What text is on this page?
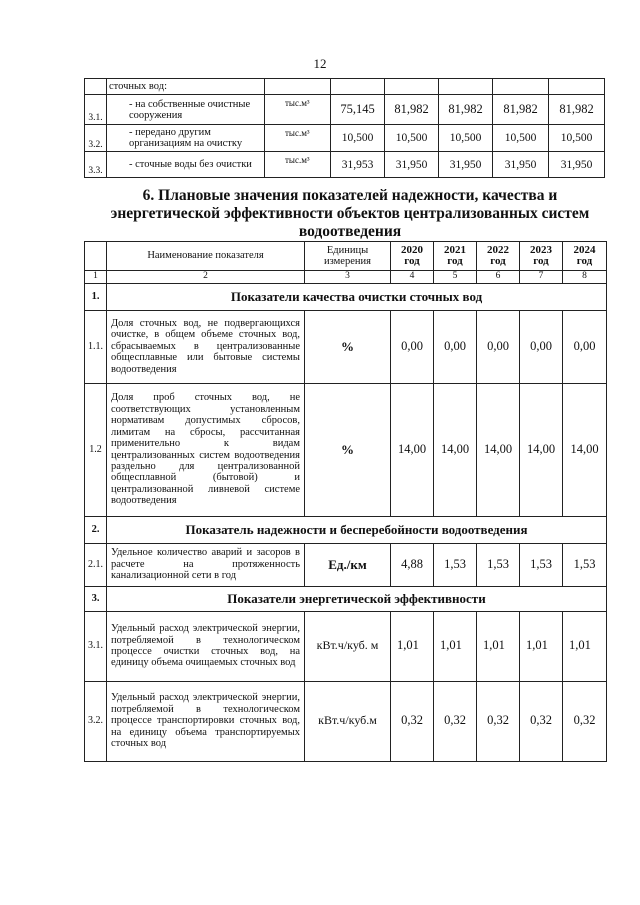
12
	сточных вод:						
3.1.	- на собственные очистные сооружения	тыс.м³	75,145	81,982	81,982	81,982	81,982
3.2.	- передано другим организациям на очистку	тыс.м³	10,500	10,500	10,500	10,500	10,500
3.3.	- сточные воды без очистки	тыс.м³	31,953	31,950	31,950	31,950	31,950
6. Плановые значения показателей надежности, качества и
энергетической эффективности объектов централизованных систем
водоотведения
	Наименование показателя	Единицы измерения	2020 год	2021 год	2022 год	2023 год	2024 год
1	2	3	4	5	6	7	8
1.	Показатели качества очистки сточных вод						
1.1.	Доля сточных вод, не подвергающихся очистке, в общем объеме сточных вод, сбрасываемых в централизованные общесплавные или бытовые системы водоотведения	%	0,00	0,00	0,00	0,00	0,00
1.2	Доля проб сточных вод, не соответствующих установленным нормативам допустимых сбросов, лимитам на сбросы, рассчитанная применительно к видам централизованных систем водоотведения раздельно для централизованной общесплавной (бытовой) и централизованной ливневой системе водоотведения	%	14,00	14,00	14,00	14,00	14,00
2.	Показатель надежности и бесперебойности водоотведения						
2.1.	Удельное количество аварий и засоров в расчете на протяженность канализационной сети в год	Ед./км	4,88	1,53	1,53	1,53	1,53
3.	Показатели энергетической эффективности						
3.1.	Удельный расход электрической энергии, потребляемой в технологическом процессе очистки сточных вод, на единицу объема очищаемых сточных вод	кВт.ч/куб. м	1,01	1,01	1,01	1,01	1,01
3.2.	Удельный расход электрической энергии, потребляемой в технологическом процессе транспортировки сточных вод, на единицу объема транспортируемых сточных вод	кВт.ч/куб.м	0,32	0,32	0,32	0,32	0,32
